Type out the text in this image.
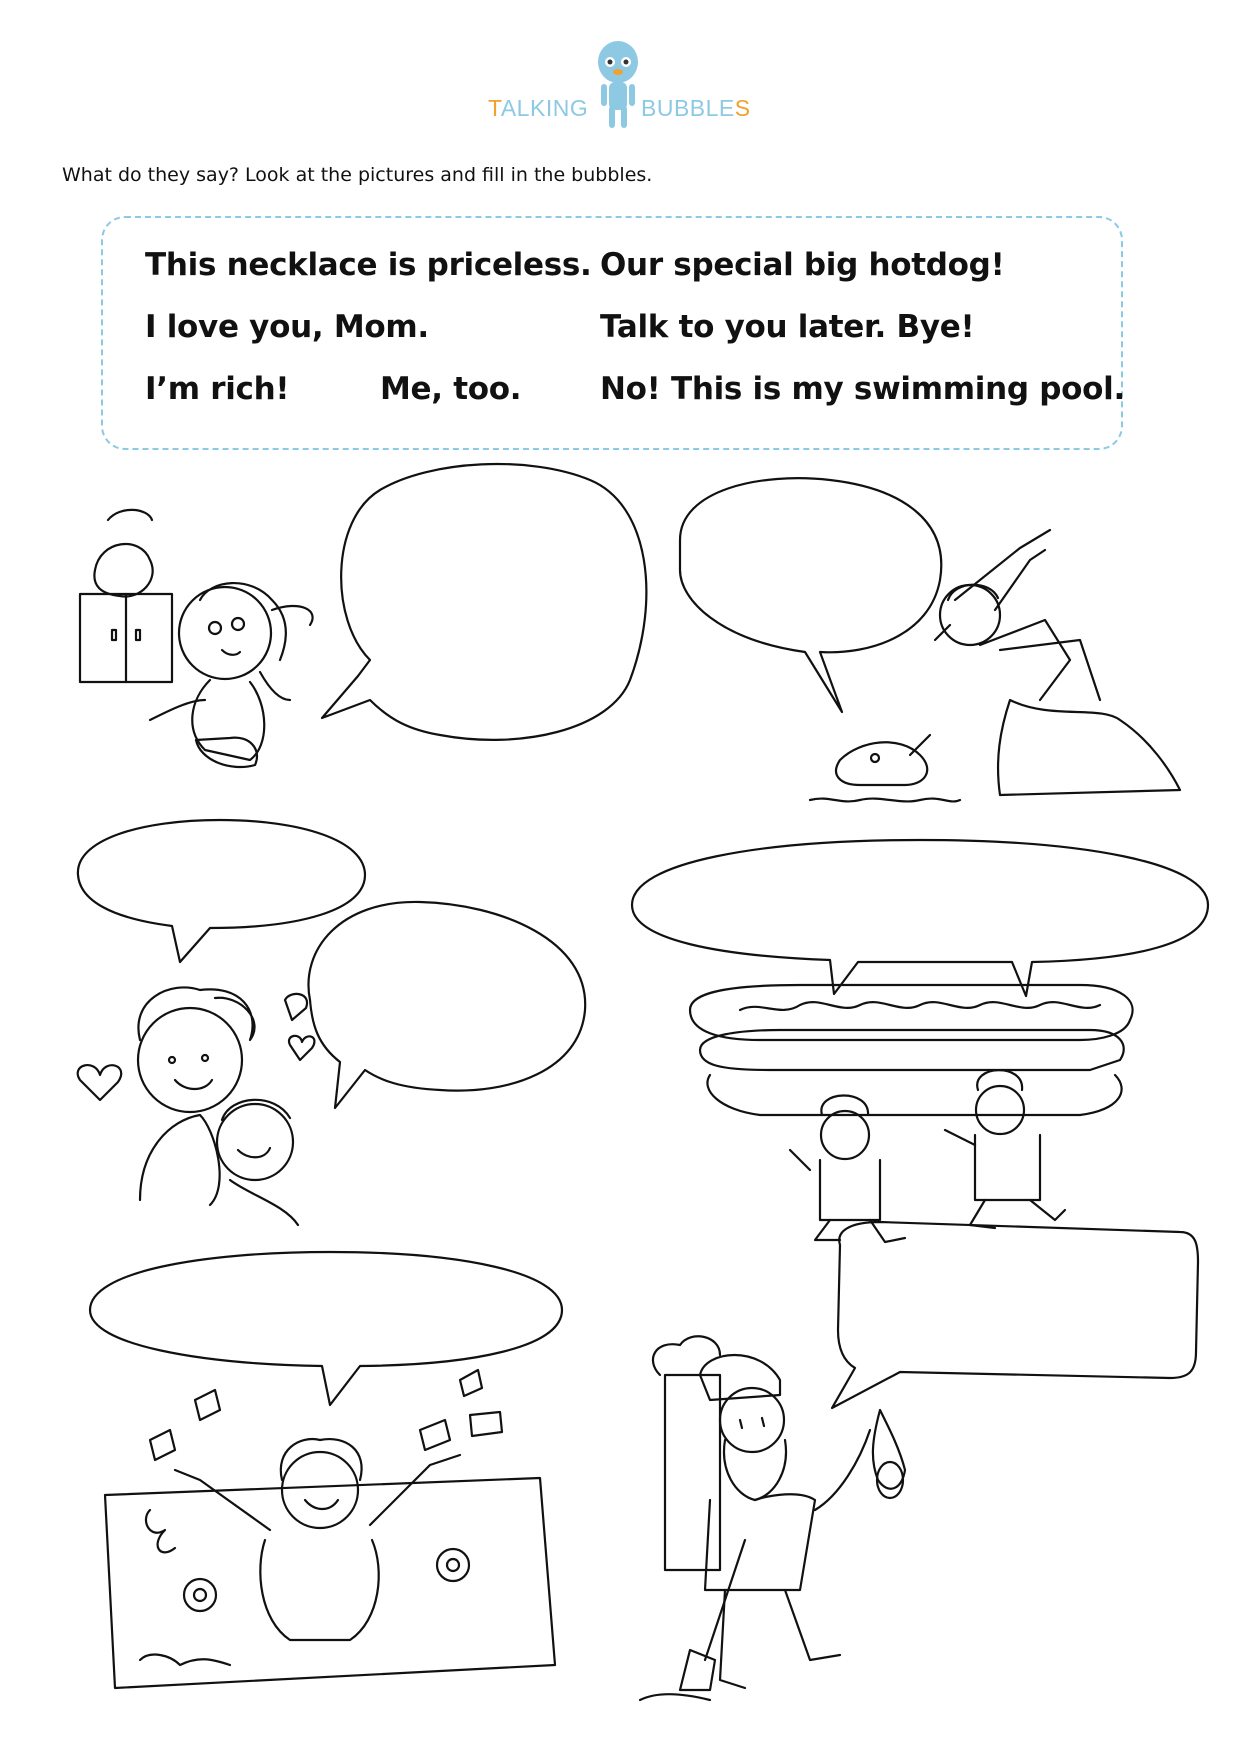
TALKING BUBBLES
What do they say? Look at the pictures and fill in the bubbles.
This necklace is priceless. Our special big hotdog!
I love you, Mom.	Talk to you later. Bye!
I’m rich!	Me, too.	No! This is my swimming pool.
